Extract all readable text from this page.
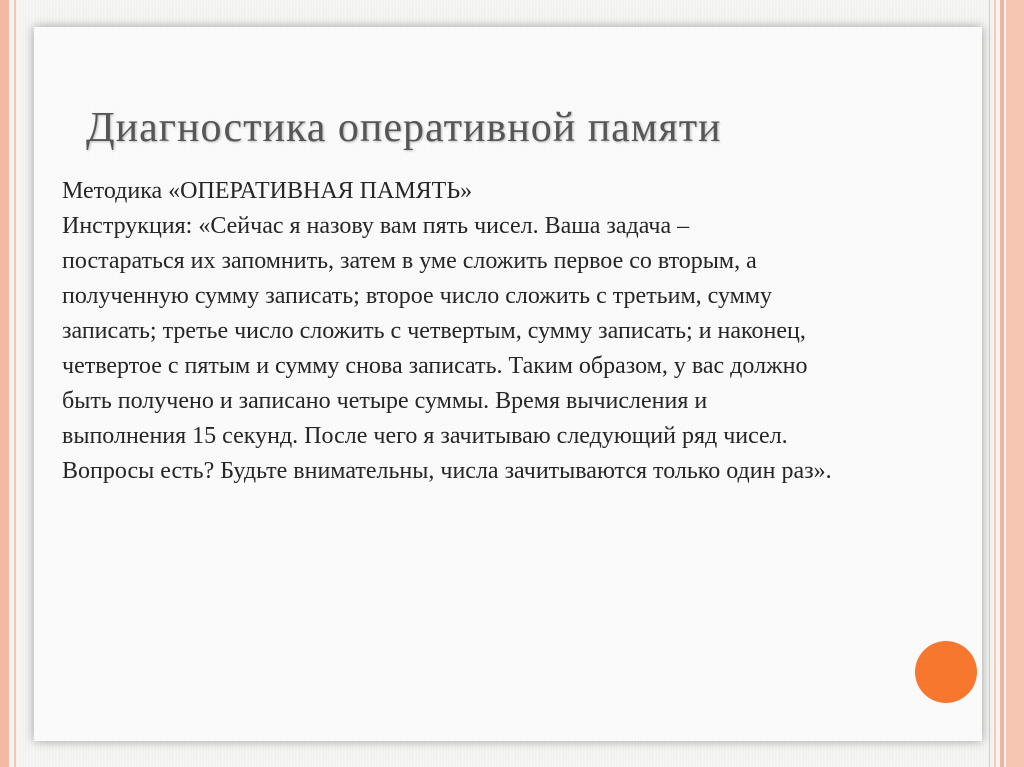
Диагностика оперативной памяти

Методика «ОПЕРАТИВНАЯ ПАМЯТЬ»

Инструкция: «Сейчас я назову вам пять чисел. Ваша задача –

постараться их запомнить, затем в уме сложить первое со вторым, а

полученную сумму записать; второе число сложить с третьим, сумму

записать; третье число сложить с четвертым, сумму записать; и наконец,

четвертое с пятым и сумму снова записать. Таким образом, у вас должно

быть получено и записано четыре суммы. Время вычисления и

выполнения 15 секунд. После чего я зачитываю следующий ряд чисел.

Вопросы есть? Будьте внимательны, числа зачитываются только один раз».
